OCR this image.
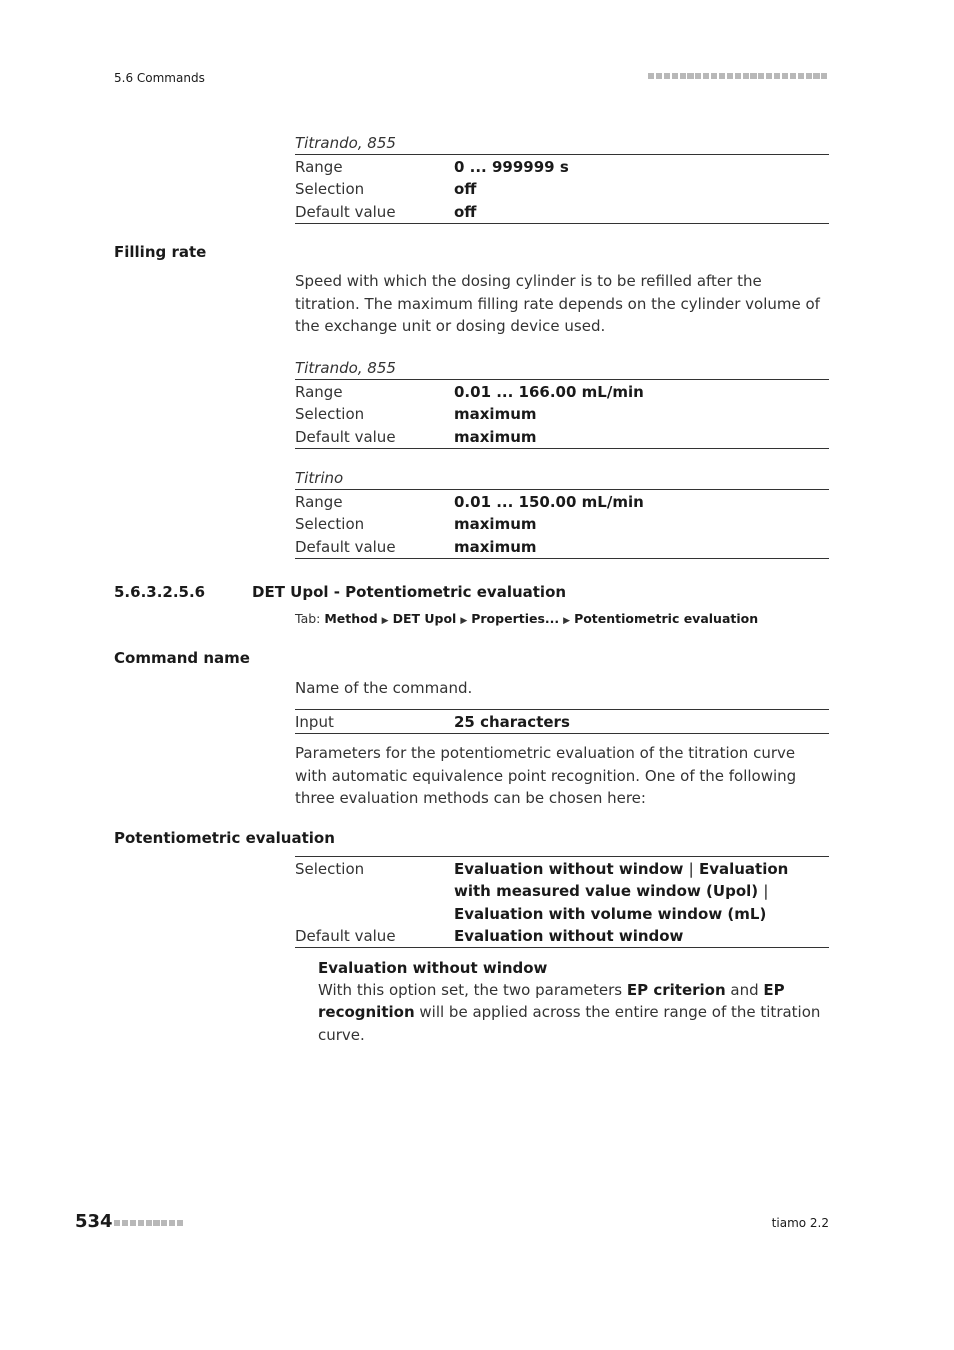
5.6 Commands
Titrando, 855
Range	0 ... 999999 s
Selection	off
Default value	off
Filling rate
Speed with which the dosing cylinder is to be refilled after the titration. The maximum filling rate depends on the cylinder volume of the exchange unit or dosing device used.
Titrando, 855
Range	0.01 ... 166.00 mL/min
Selection	maximum
Default value	maximum
Titrino
Range	0.01 ... 150.00 mL/min
Selection	maximum
Default value	maximum
5.6.3.2.5.6	DET Upol - Potentiometric evaluation
Tab: Method ▶ DET Upol ▶ Properties... ▶ Potentiometric evaluation
Command name
Name of the command.
Input	25 characters
Parameters for the potentiometric evaluation of the titration curve with automatic equivalence point recognition. One of the following three evaluation methods can be chosen here:
Potentiometric evaluation
Selection	Evaluation without window | Evaluation with measured value window (Upol) | Evaluation with volume window (mL)
Default value	Evaluation without window
Evaluation without window
With this option set, the two parameters EP criterion and EP recognition will be applied across the entire range of the titration curve.
534	tiamo 2.2
